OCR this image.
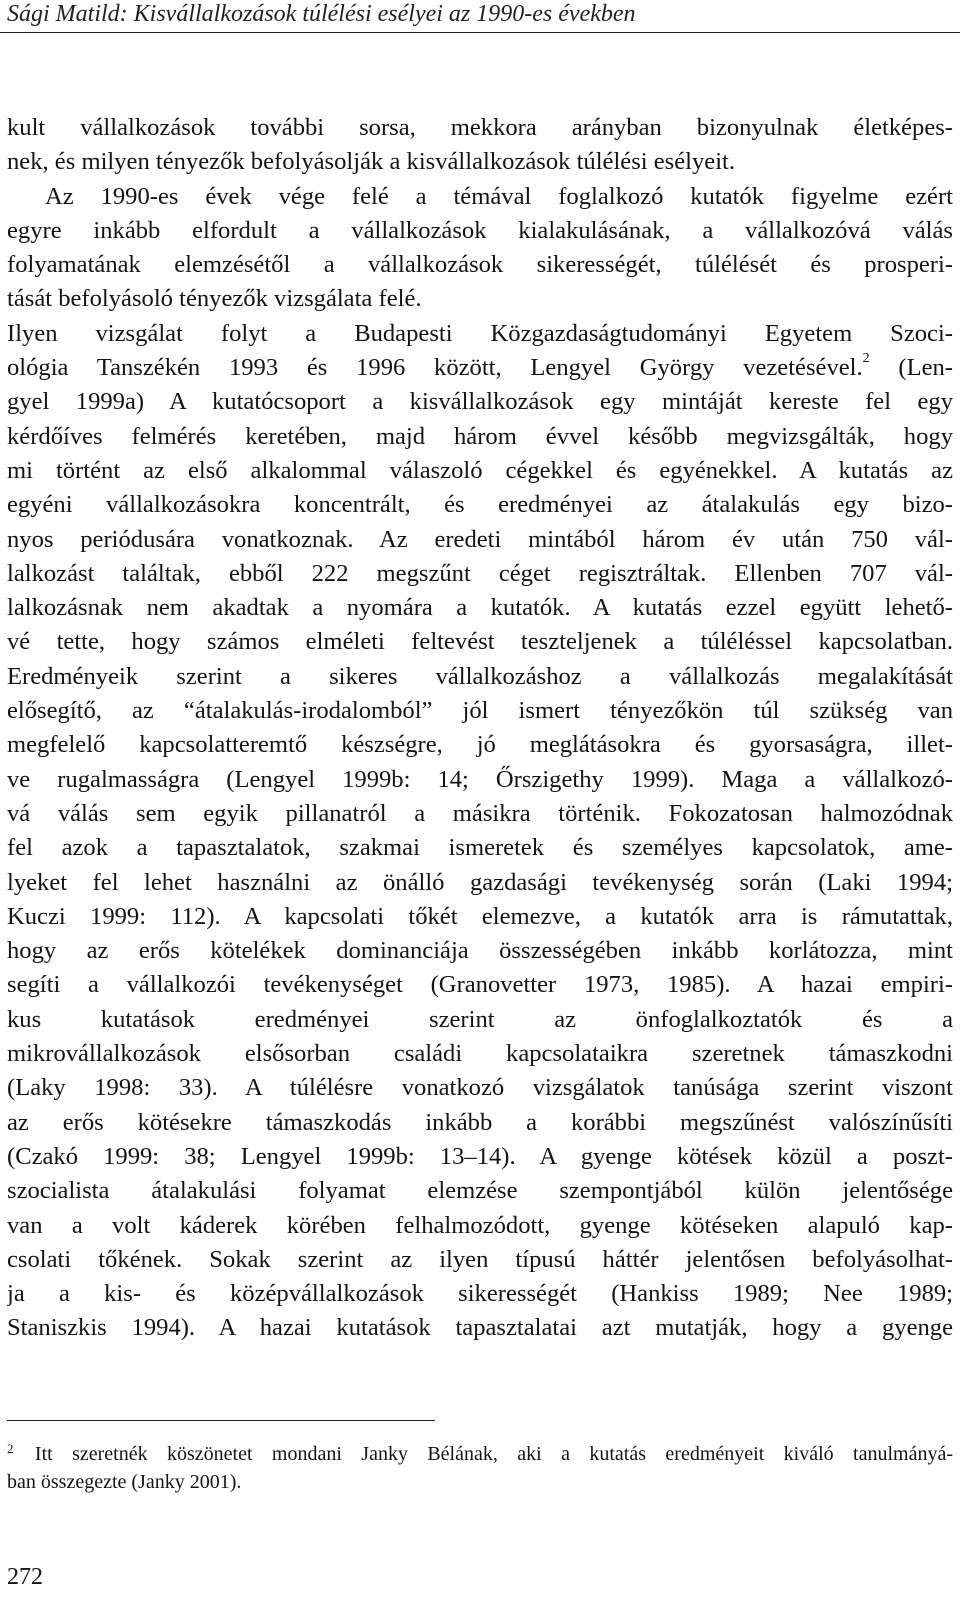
Sági Matild: Kisvállalkozások túlélési esélyei az 1990-es években
kult vállalkozások további sorsa, mekkora arányban bizonyulnak életképes-
nek, és milyen tényezők befolyásolják a kisvállalkozások túlélési esélyeit.
Az 1990-es évek vége felé a témával foglalkozó kutatók figyelme ezért
egyre inkább elfordult a vállalkozások kialakulásának, a vállalkozóvá válás
folyamatának elemzésétől a vállalkozások sikerességét, túlélését és prosperi-
tását befolyásoló tényezők vizsgálata felé.
Ilyen vizsgálat folyt a Budapesti Közgazdaságtudományi Egyetem Szoci-
ológia Tanszékén 1993 és 1996 között, Lengyel György vezetésével.$^2$ (Len-
gyel 1999a) A kutatócsoport a kisvállalkozások egy mintáját kereste fel egy
kérdőíves felmérés keretében, majd három évvel később megvizsgálták, hogy
mi történt az első alkalommal válaszoló cégekkel és egyénekkel. A kutatás az
egyéni vállalkozásokra koncentrált, és eredményei az átalakulás egy bizo-
nyos periódusára vonatkoznak. Az eredeti mintából három év után 750 vál-
lalkozást találtak, ebből 222 megszűnt céget regisztráltak. Ellenben 707 vál-
lalkozásnak nem akadtak a nyomára a kutatók. A kutatás ezzel együtt lehető-
vé tette, hogy számos elméleti feltevést teszteljenek a túléléssel kapcsolatban.
Eredményeik szerint a sikeres vállalkozáshoz a vállalkozás megalakítását
elősegítő, az “átalakulás-irodalomból” jól ismert tényezőkön túl szükség van
megfelelő kapcsolatteremtő készségre, jó meglátásokra és gyorsaságra, illet-
ve rugalmasságra (Lengyel 1999b: 14; Őrszigethy 1999). Maga a vállalkozó-
vá válás sem egyik pillanatról a másikra történik. Fokozatosan halmozódnak
fel azok a tapasztalatok, szakmai ismeretek és személyes kapcsolatok, ame-
lyeket fel lehet használni az önálló gazdasági tevékenység során (Laki 1994;
Kuczi 1999: 112). A kapcsolati tőkét elemezve, a kutatók arra is rámutattak,
hogy az erős kötelékek dominanciája összességében inkább korlátozza, mint
segíti a vállalkozói tevékenységet (Granovetter 1973, 1985). A hazai empiri-
kus kutatások eredményei szerint az önfoglalkoztatók és a
mikrovállalkozások elsősorban családi kapcsolataikra szeretnek támaszkodni
(Laky 1998: 33). A túlélésre vonatkozó vizsgálatok tanúsága szerint viszont
az erős kötésekre támaszkodás inkább a korábbi megszűnést valószínűsíti
(Czakó 1999: 38; Lengyel 1999b: 13–14). A gyenge kötések közül a poszt-
szocialista átalakulási folyamat elemzése szempontjából külön jelentősége
van a volt káderek körében felhalmozódott, gyenge kötéseken alapuló kap-
csolati tőkének. Sokak szerint az ilyen típusú háttér jelentősen befolyásolhat-
ja a kis- és középvállalkozások sikerességét (Hankiss 1989; Nee 1989;
Staniszkis 1994). A hazai kutatások tapasztalatai azt mutatják, hogy a gyenge
$^2$ Itt szeretnék köszönetet mondani Janky Bélának, aki a kutatás eredményeit kiváló tanulmányá-
ban összegezte (Janky 2001).
272
